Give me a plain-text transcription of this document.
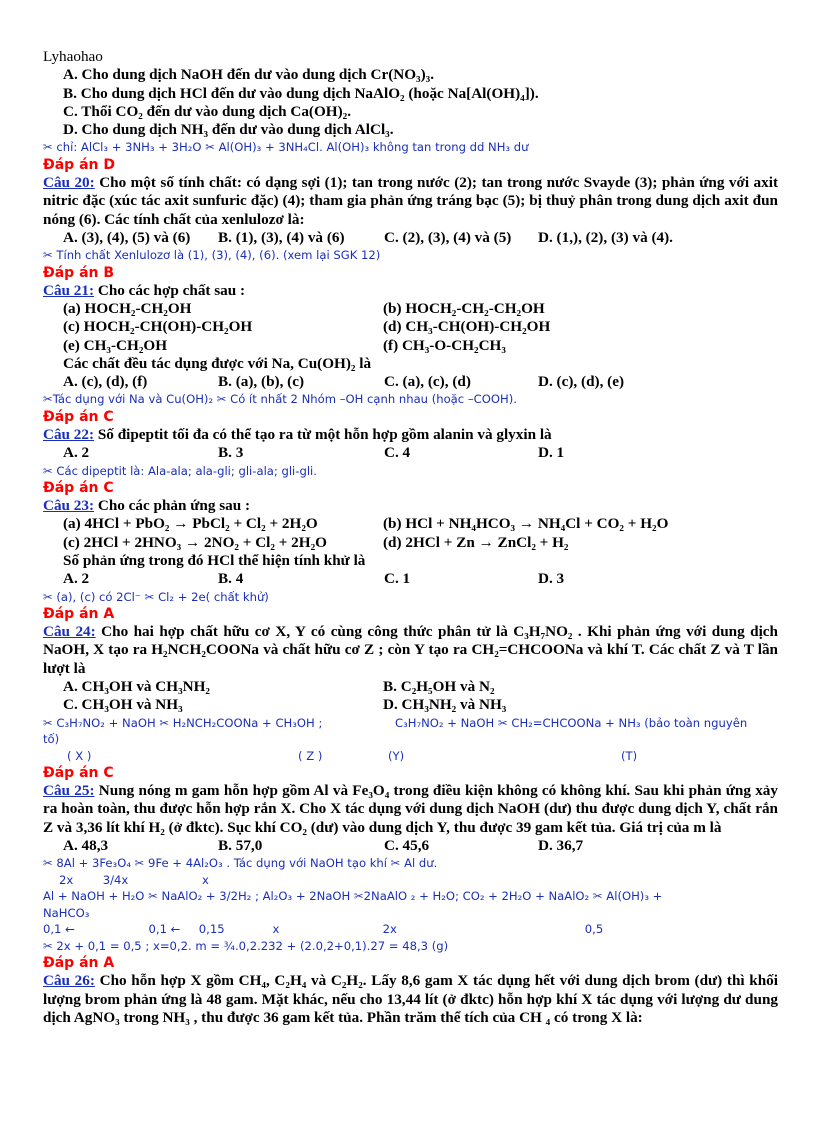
Lyhaohao
A. Cho dung dịch NaOH đến dư vào dung dịch Cr(NO₃)₃.
B. Cho dung dịch HCl đến dư vào dung dịch NaAlO₂ (hoặc Na[Al(OH)₄]).
C. Thổi CO₂ đến dư vào dung dịch Ca(OH)₂.
D. Cho dung dịch NH₃ đến dư vào dung dịch AlCl₃.
✂ chỉ: AlCl₃ + 3NH₃ + 3H₂O ✂ Al(OH)₃ + 3NH₄Cl. Al(OH)₃ không tan trong dd NH₃ dư
Đáp án D
Câu 20: Cho một số tính chất: có dạng sợi (1); tan trong nước (2); tan trong nước Svayde (3); phản ứng với axit nitric đặc (xúc tác axit sunfuric đặc) (4); tham gia phản ứng tráng bạc (5); bị thuỷ phân trong dung dịch axit đun nóng (6). Các tính chất của xenlulozơ là:
A. (3), (4), (5) và (6)	B. (1), (3), (4) và (6)	C. (2), (3), (4) và (5)	D. (1,), (2), (3) và (4).
✂ Tính chất Xenlulozơ là (1), (3), (4), (6). (xem lại SGK 12)
Đáp án B
Câu 21: Cho các hợp chất sau :
(a) HOCH₂-CH₂OH	(b) HOCH₂-CH₂-CH₂OH
(c) HOCH₂-CH(OH)-CH₂OH	(d) CH₃-CH(OH)-CH₂OH
(e) CH₃-CH₂OH	(f) CH₃-O-CH₂CH₃
Các chất đều tác dụng được với Na, Cu(OH)₂ là
A. (c), (d), (f)	B. (a), (b), (c)	C. (a), (c), (d)	D. (c), (d), (e)
✂Tác dụng với Na và Cu(OH)₂ ✂ Có ít nhất 2 Nhóm –OH cạnh nhau (hoặc –COOH).
Đáp án C
Câu 22: Số đipeptit tối đa có thể tạo ra từ một hỗn hợp gồm alanin và glyxin là
A. 2	B. 3	C. 4	D. 1
✂ Các dipeptit là: Ala-ala; ala-gli; gli-ala; gli-gli.
Đáp án C
Câu 23: Cho các phản ứng sau :
(a) 4HCl + PbO₂ → PbCl₂ + Cl₂ + 2H₂O	(b) HCl + NH₄HCO₃ → NH₄Cl + CO₂ + H₂O
(c) 2HCl + 2HNO₃ → 2NO₂ + Cl₂ + 2H₂O	(d) 2HCl + Zn → ZnCl₂ + H₂
Số phản ứng trong đó HCl thể hiện tính khử là
A. 2	B. 4	C. 1	D. 3
✂ (a), (c) có 2Cl⁻ ✂ Cl₂ + 2e( chất khử)
Đáp án A
Câu 24: Cho hai hợp chất hữu cơ X, Y có cùng công thức phân tử là C₃H₇NO₂ . Khi phản ứng với dung dịch NaOH, X tạo ra H₂NCH₂COONa và chất hữu cơ Z ; còn Y tạo ra CH₂=CHCOONa và khí T. Các chất Z và T lần lượt là
A. CH₃OH và CH₃NH₂	B. C₂H₅OH và N₂
C. CH₃OH và NH₃	D. CH₃NH₂ và NH₃
✂ C₃H₇NO₂ + NaOH ✂ H₂NCH₂COONa + CH₃OH ;	C₃H₇NO₂ + NaOH ✂ CH₂=CHCOONa + NH₃ (bảo toàn nguyên
tố)
( X )	( Z )	(Y)	(T)
Đáp án C
Câu 25: Nung nóng m gam hỗn hợp gồm Al và Fe₃O₄ trong điều kiện không có không khí. Sau khi phản ứng xảy ra hoàn toàn, thu được hỗn hợp rắn X. Cho X tác dụng với dung dịch NaOH (dư) thu được dung dịch Y, chất rắn Z và 3,36 lít khí H₂ (ở đktc). Sục khí CO₂ (dư) vào dung dịch Y, thu được 39 gam kết tủa. Giá trị của m là
A. 48,3	B. 57,0	C. 45,6	D. 36,7
✂ 8Al + 3Fe₃O₄ ✂ 9Fe + 4Al₂O₃ . Tác dụng với NaOH tạo khí ✂ Al dư.
2x        3/4x                    x
Al + NaOH + H₂O ✂ NaAlO₂ + 3/2H₂ ; Al₂O₃ + 2NaOH ✂2NaAlO ₂ + H₂O; CO₂ + 2H₂O + NaAlO₂ ✂ Al(OH)₃ +
NaHCO₃
0,1 ←                    0,1 ←     0,15             x                            2x                                                   0,5
✂ 2x + 0,1 = 0,5 ; x=0,2. m = ¾.0,2.232 + (2.0,2+0,1).27 = 48,3 (g)
Đáp án A
Câu 26: Cho hỗn hợp X gồm CH₄, C₂H₄ và C₂H₂. Lấy 8,6 gam X tác dụng hết với dung dịch brom (dư) thì khối lượng brom phản ứng là 48 gam. Mặt khác, nếu cho 13,44 lít (ở đktc) hỗn hợp khí X tác dụng với lượng dư dung dịch AgNO₃ trong NH₃ , thu được 36 gam kết tủa. Phần trăm thể tích của CH ₄ có trong X là:
